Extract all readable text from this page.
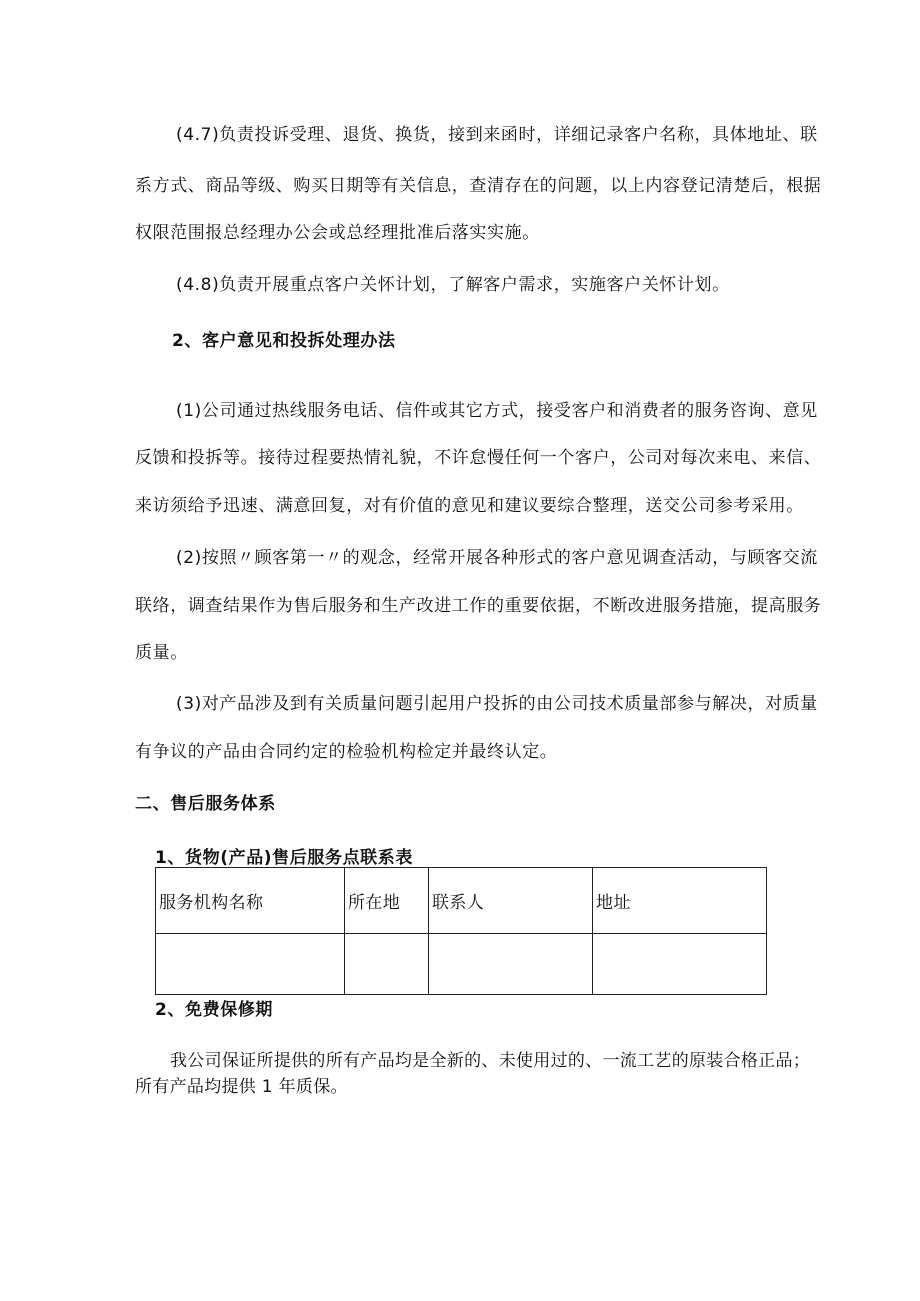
(4.7)负责投诉受理、退货、换货，接到来函时，详细记录客户名称，具体地址、联
系方式、商品等级、购买日期等有关信息，查清存在的问题，以上内容登记清楚后，根据
权限范围报总经理办公会或总经理批准后落实实施。
(4.8)负责开展重点客户关怀计划，了解客户需求，实施客户关怀计划。
2、客户意见和投拆处理办法
(1)公司通过热线服务电话、信件或其它方式，接受客户和消费者的服务咨询、意见
反馈和投拆等。接待过程要热情礼貌，不许怠慢任何一个客户，公司对每次来电、来信、
来访须给予迅速、满意回复，对有价值的意见和建议要综合整理，送交公司参考采用。
(2)按照〃顾客第一〃的观念，经常开展各种形式的客户意见调查活动，与顾客交流
联络，调查结果作为售后服务和生产改进工作的重要依据，不断改进服务措施，提高服务
质量。
(3)对产品涉及到有关质量问题引起用户投拆的由公司技术质量部参与解决，对质量
有争议的产品由合同约定的检验机构检定并最终认定。
二、售后服务体系
1、货物(产品)售后服务点联系表
服务机构名称	所在地	联系人	地址

2、免费保修期
我公司保证所提供的所有产品均是全新的、未使用过的、一流工艺的原装合格正品；
所有产品均提供 1 年质保。
